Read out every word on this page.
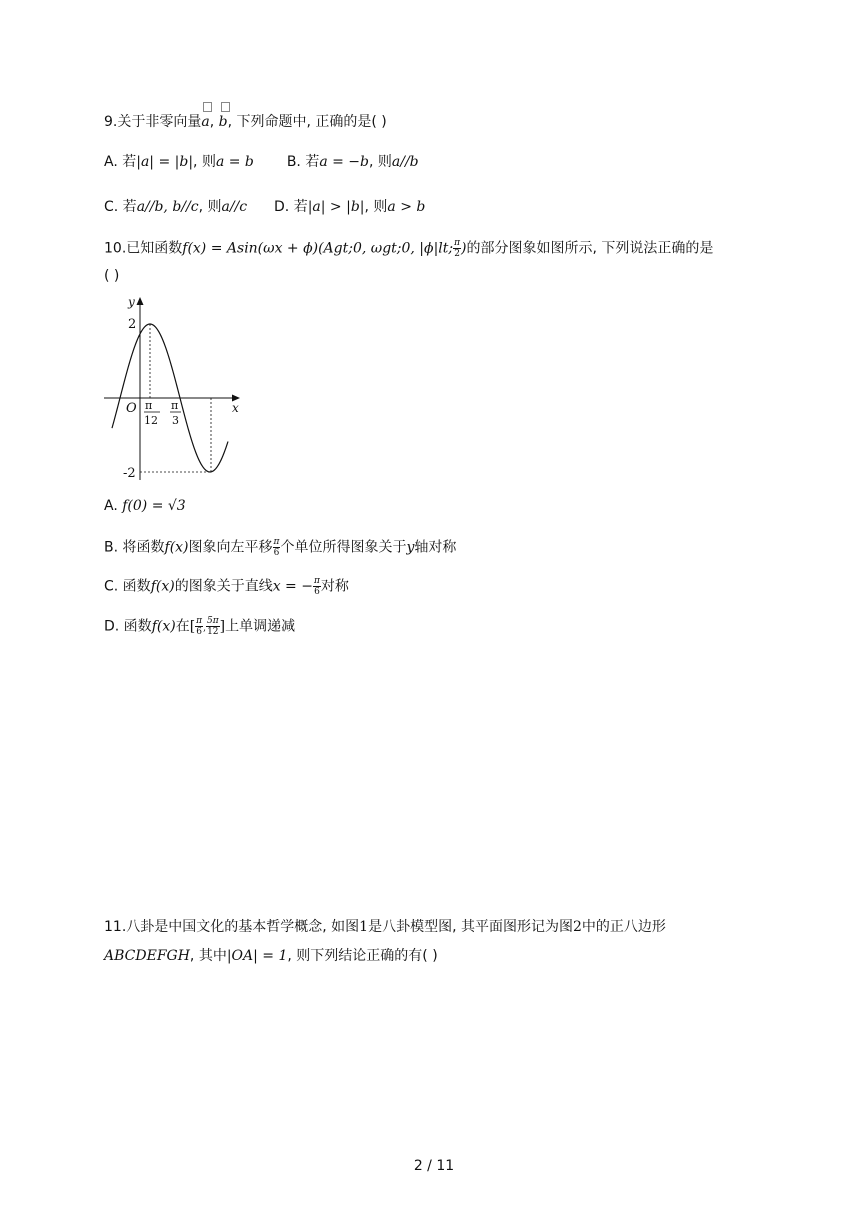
9.关于非零向量
a,
b, 下列命题中, 正确的是( )
A. 若|a| = |b|, 则a = b B. 若a = −b, 则a//b
C. 若a//b, b//c, 则a//c D. 若|a| > |b|, 则a > b
10.已知函数f(x) = Asin(ωx + ϕ)(Agt;0, ωgt;0, |ϕ|lt; $\frac{\pi}{2}$ )的部分图象如图所示, 下列说法正确的是
( )
y
x
O
2
-2
π
12
π
3
A. f(0) = √3
B. 将函数f(x)图象向左平移 $\frac{\pi}{6}$ 个单位所得图象关于y轴对称
C. 函数f(x)的图象关于直线x = − $\frac{\pi}{6}$ 对称
D. 函数f(x)在[ $\frac{\pi}{6}$ , $\frac{5\pi}{12}$ ]上单调递减
11.八卦是中国文化的基本哲学概念, 如图1是八卦模型图, 其平面图形记为图2中的正八边形
ABCDEFGH, 其中|OA| = 1, 则下列结论正确的有( )
2 / 11
